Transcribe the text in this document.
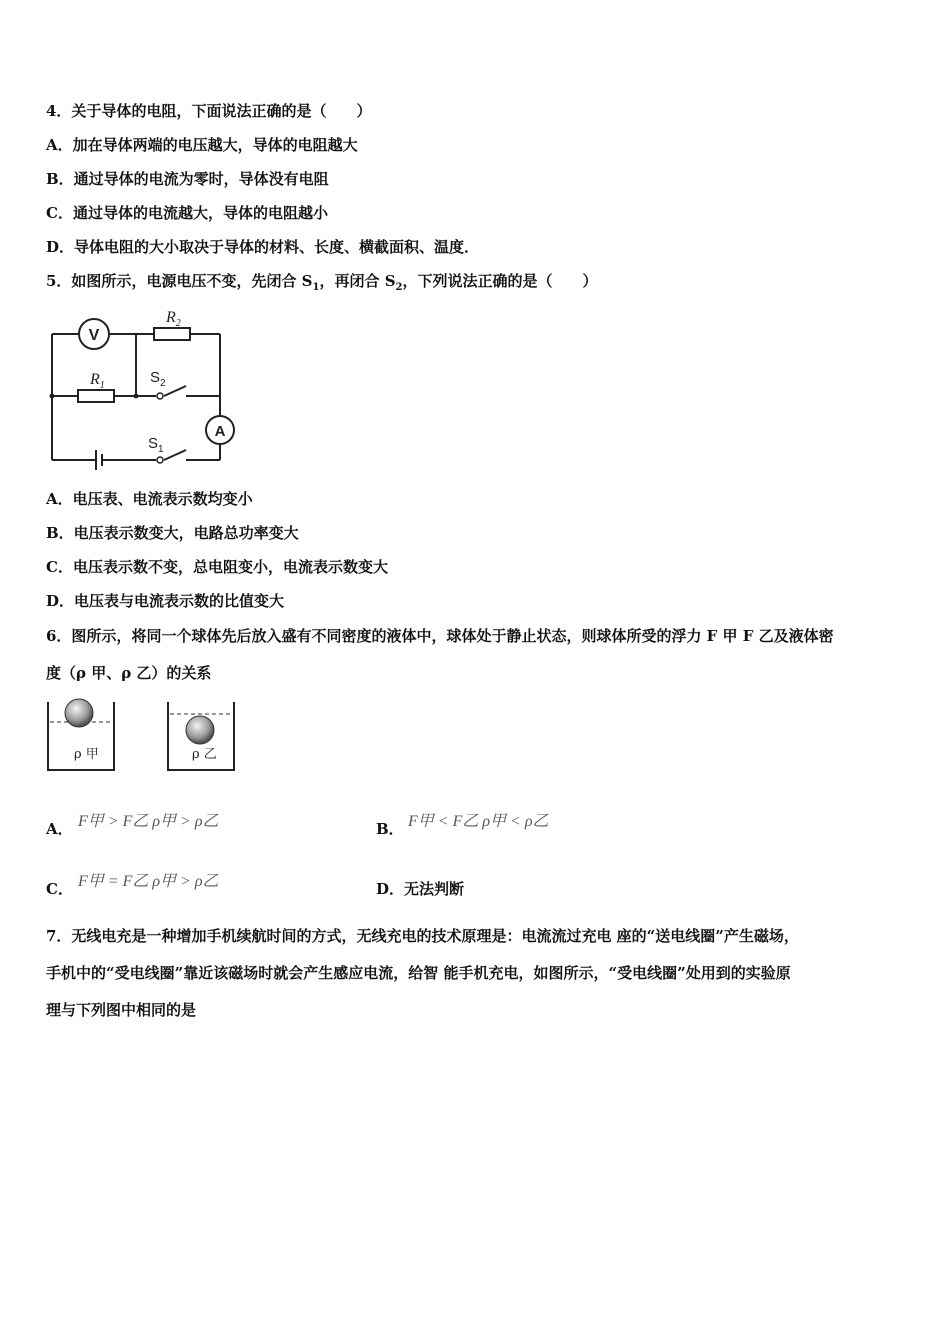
4．关于导体的电阻，下面说法正确的是（　　）
A．加在导体两端的电压越大，导体的电阻越大
B．通过导体的电流为零时，导体没有电阻
C．通过导体的电流越大，导体的电阻越小
D．导体电阻的大小取决于导体的材料、长度、横截面积、温度．
5．如图所示，电源电压不变，先闭合 $S_1$，再闭合 $S_2$，下列说法正确的是（　　）
V
A
$R_1$
$R_2$
$S_2$
$S_1$
A．电压表、电流表示数均变小
B．电压表示数变大，电路总功率变大
C．电压表示数不变，总电阻变小，电流表示数变大
D．电压表与电流表示数的比值变大
6．图所示，将同一个球体先后放入盛有不同密度的液体中，球体处于静止状态，则球体所受的浮力 F 甲 F 乙及液体密
度（ρ 甲、ρ 乙）的关系
ρ 甲	ρ 乙
A． F甲 > F乙 ρ甲 > ρ乙	B． F甲 < F乙 ρ甲 < ρ乙
C． F甲 = F乙 ρ甲 > ρ乙	D．无法判断
7．无线电充是一种增加手机续航时间的方式，无线充电的技术原理是：电流流过充电 座的“送电线圈”产生磁场，
手机中的“受电线圈”靠近该磁场时就会产生感应电流，给智 能手机充电，如图所示，“受电线圈”处用到的实验原
理与下列图中相同的是
